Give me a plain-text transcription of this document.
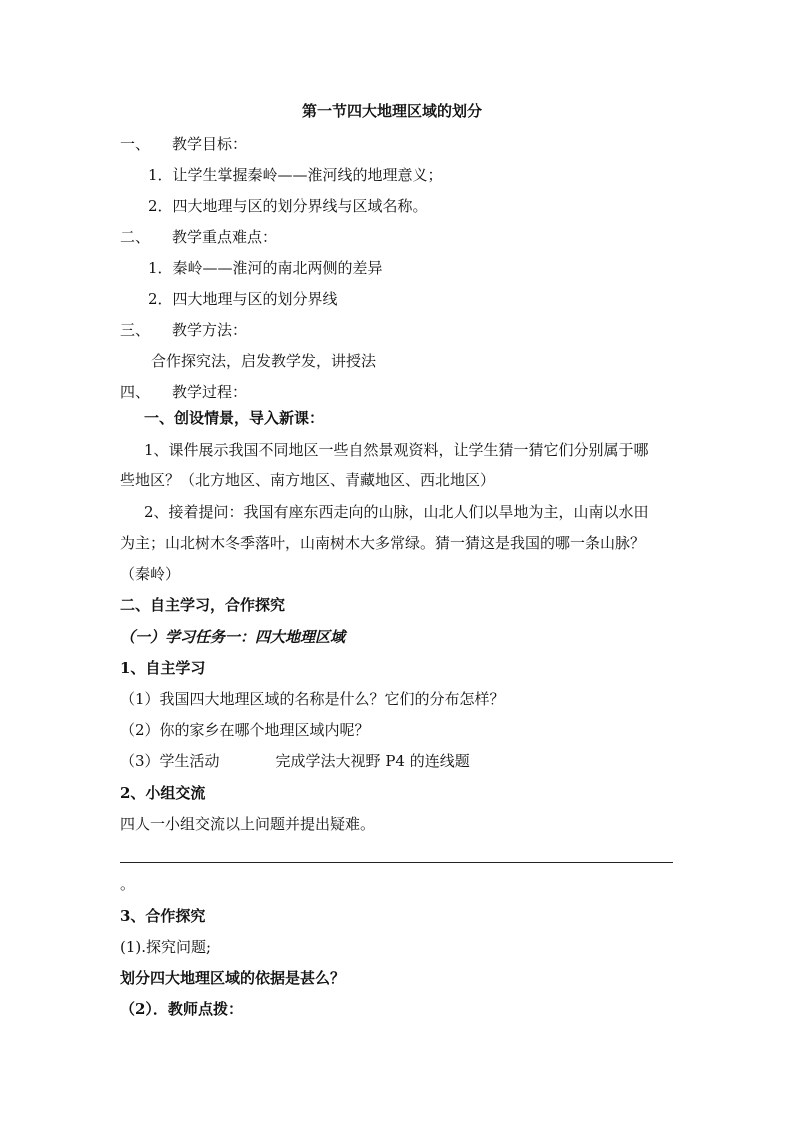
第一节四大地理区域的划分
一、 教学目标：
1．让学生掌握秦岭——淮河线的地理意义；
2．四大地理与区的划分界线与区域名称。
二、 教学重点难点：
1．秦岭——淮河的南北两侧的差异
2．四大地理与区的划分界线
三、 教学方法：
合作探究法，启发教学发，讲授法
四、 教学过程：
一、创设情景，导入新课：
1、课件展示我国不同地区一些自然景观资料，让学生猜一猜它们分别属于哪
些地区？（北方地区、南方地区、青藏地区、西北地区）
2、接着提问：我国有座东西走向的山脉，山北人们以旱地为主，山南以水田
为主；山北树木冬季落叶，山南树木大多常绿。猜一猜这是我国的哪一条山脉？
（秦岭）
二、自主学习，合作探究
（一）学习任务一：四大地理区域
1、自主学习
（1）我国四大地理区域的名称是什么？它们的分布怎样？
（2）你的家乡在哪个地理区域内呢？
（3）学生活动	完成学法大视野 P4 的连线题
2、小组交流
四人一小组交流以上问题并提出疑难。
。
3、合作探究
(1).探究问题;
划分四大地理区域的依据是甚么？
（2）．教师点拨：
